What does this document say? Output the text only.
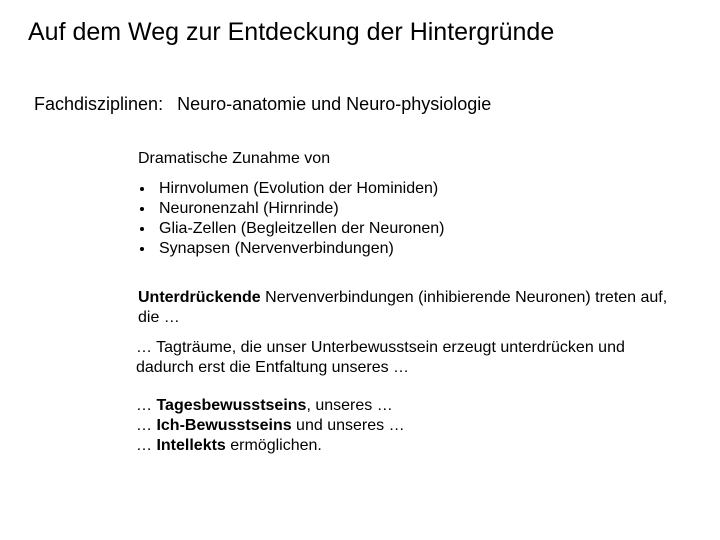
Auf dem Weg zur Entdeckung der Hintergründe
Fachdisziplinen: Neuro-anatomie und Neuro-physiologie
Dramatische Zunahme von
Hirnvolumen (Evolution der Hominiden)
Neuronenzahl (Hirnrinde)
Glia-Zellen (Begleitzellen der Neuronen)
Synapsen (Nervenverbindungen)
Unterdrückende Nervenverbindungen (inhibierende Neuronen) treten auf, die …
… Tagträume, die unser Unterbewusstsein erzeugt unterdrücken und dadurch erst die Entfaltung unseres …
… Tagesbewusstseins, unseres …
… Ich-Bewusstseins und unseres …
… Intellekts ermöglichen.
